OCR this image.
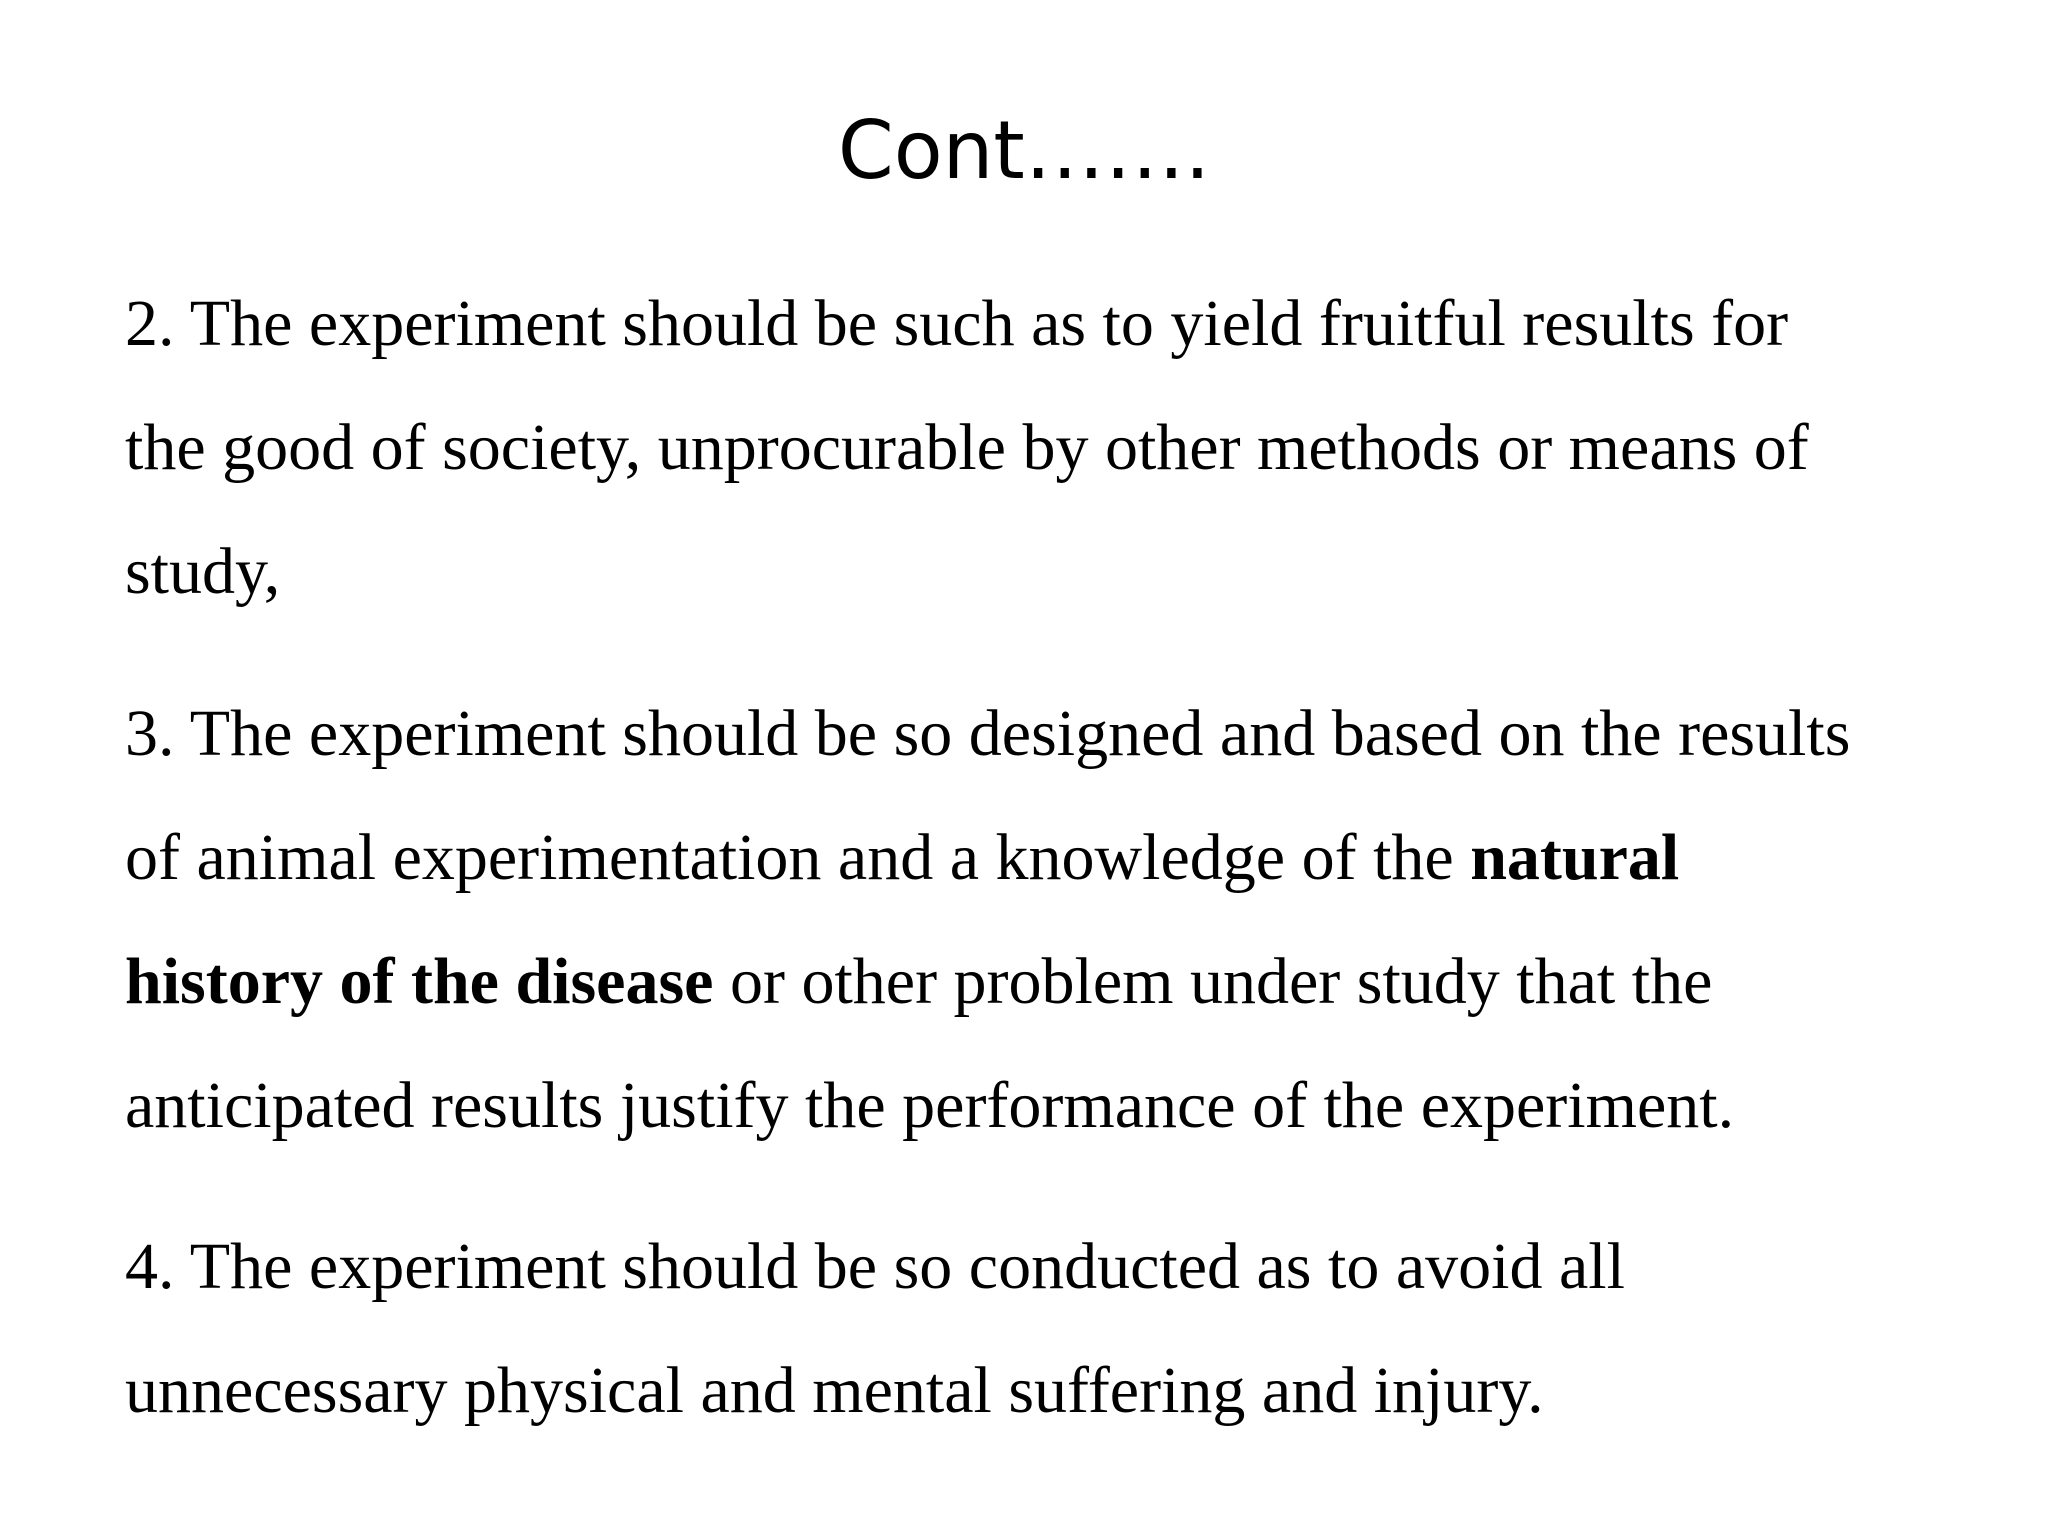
Cont…….
2. The experiment should be such as to yield fruitful results for
the good of society, unprocurable by other methods or means of
study,
3. The experiment should be so designed and based on the results
of animal experimentation and a knowledge of the natural
history of the disease or other problem under study that the
anticipated results justify the performance of the experiment.
4. The experiment should be so conducted as to avoid all
unnecessary physical and mental suffering and injury.
